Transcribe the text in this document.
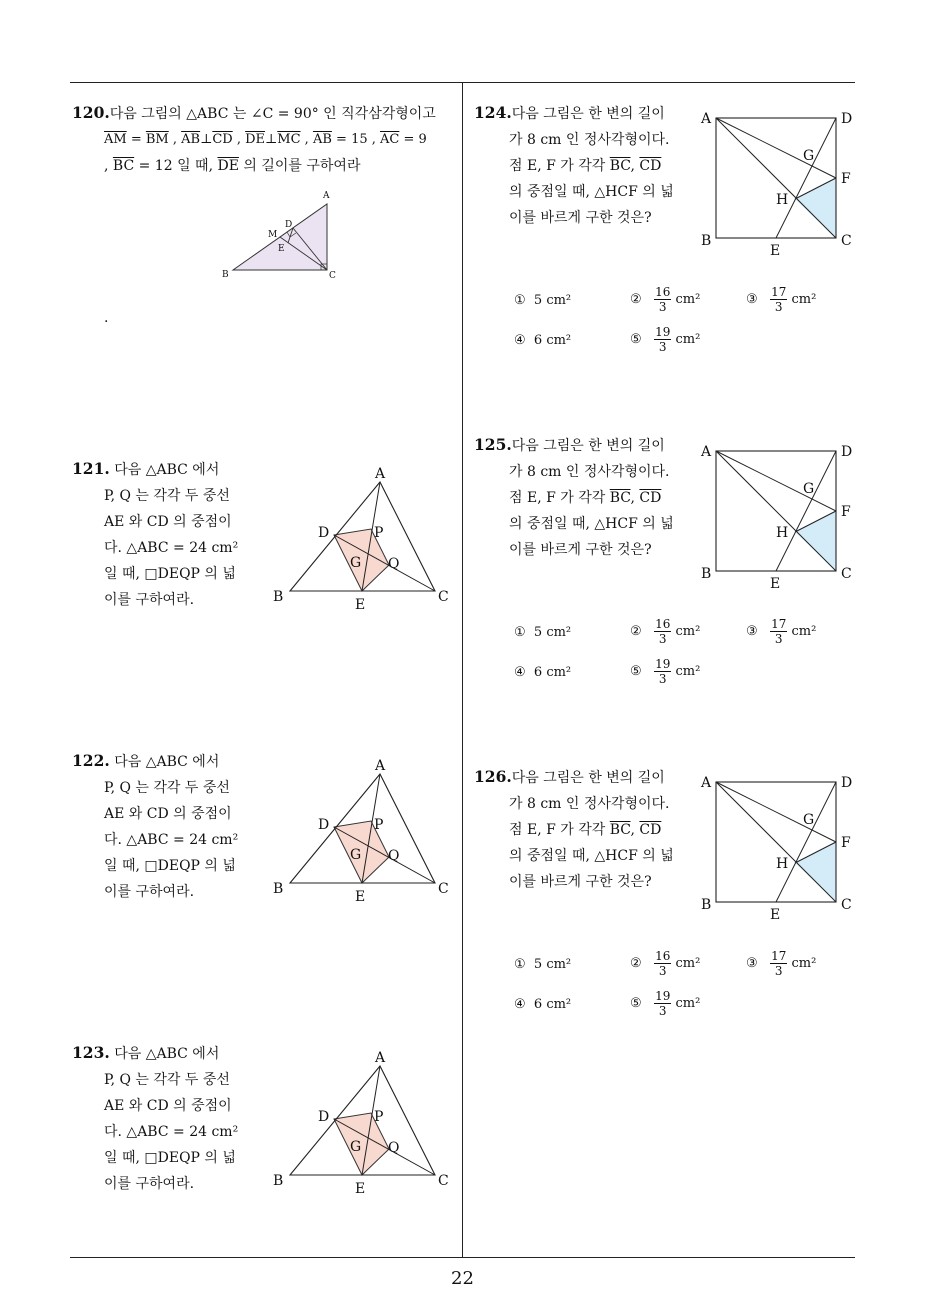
120.다음 그림의 △ABC 는 ∠C = 90° 인 직각삼각형이고
$\overline{AM} = \overline{BM}$ , $\overline{AB}\perp\overline{CD}$ , $\overline{DE}\perp\overline{MC}$ , $\overline{AB} = 15$ , $\overline{AC} = 9$
, $\overline{BC} = 12$ 일 때, $\overline{DE}$ 의 길이를 구하여라
A
B	C
D
E
M
.
121. 다음 △ABC 에서
P, Q 는 각각 두 중선
AE 와 CD 의 중점이
다. △ABC = 24 cm²
일 때, □DEQP 의 넓
이를 구하여라.
A
B	C
D
E
P
Q
G
122. 다음 △ABC 에서
P, Q 는 각각 두 중선
AE 와 CD 의 중점이
다. △ABC = 24 cm²
일 때, □DEQP 의 넓
이를 구하여라.
A
B	C
D
E
P
Q
G
123. 다음 △ABC 에서
P, Q 는 각각 두 중선
AE 와 CD 의 중점이
다. △ABC = 24 cm²
일 때, □DEQP 의 넓
이를 구하여라.
A
B	C
D
E
P
Q
G
124.다음 그림은 한 변의 길이
가 8 cm 인 정사각형이다.
점 E, F 가 각각 $\overline{BC}$, $\overline{CD}$
의 중점일 때, △HCF 의 넓
이를 바르게 구한 것은?
A	D
B	C
E
F
G
H
① 5 cm²	② $\frac{16}{3} cm^2$	③ $\frac{17}{3} cm^2$
④ 6 cm²	⑤ $\frac{19}{3} cm^2$
125.다음 그림은 한 변의 길이
가 8 cm 인 정사각형이다.
점 E, F 가 각각 $\overline{BC}$, $\overline{CD}$
의 중점일 때, △HCF 의 넓
이를 바르게 구한 것은?
A	D
B	C
E
F
G
H
① 5 cm²	② $\frac{16}{3} cm^2$	③ $\frac{17}{3} cm^2$
④ 6 cm²	⑤ $\frac{19}{3} cm^2$
126.다음 그림은 한 변의 길이
가 8 cm 인 정사각형이다.
점 E, F 가 각각 $\overline{BC}$, $\overline{CD}$
의 중점일 때, △HCF 의 넓
이를 바르게 구한 것은?
A	D
B	C
E
F
G
H
① 5 cm²	② $\frac{16}{3} cm^2$	③ $\frac{17}{3} cm^2$
④ 6 cm²	⑤ $\frac{19}{3} cm^2$
22
